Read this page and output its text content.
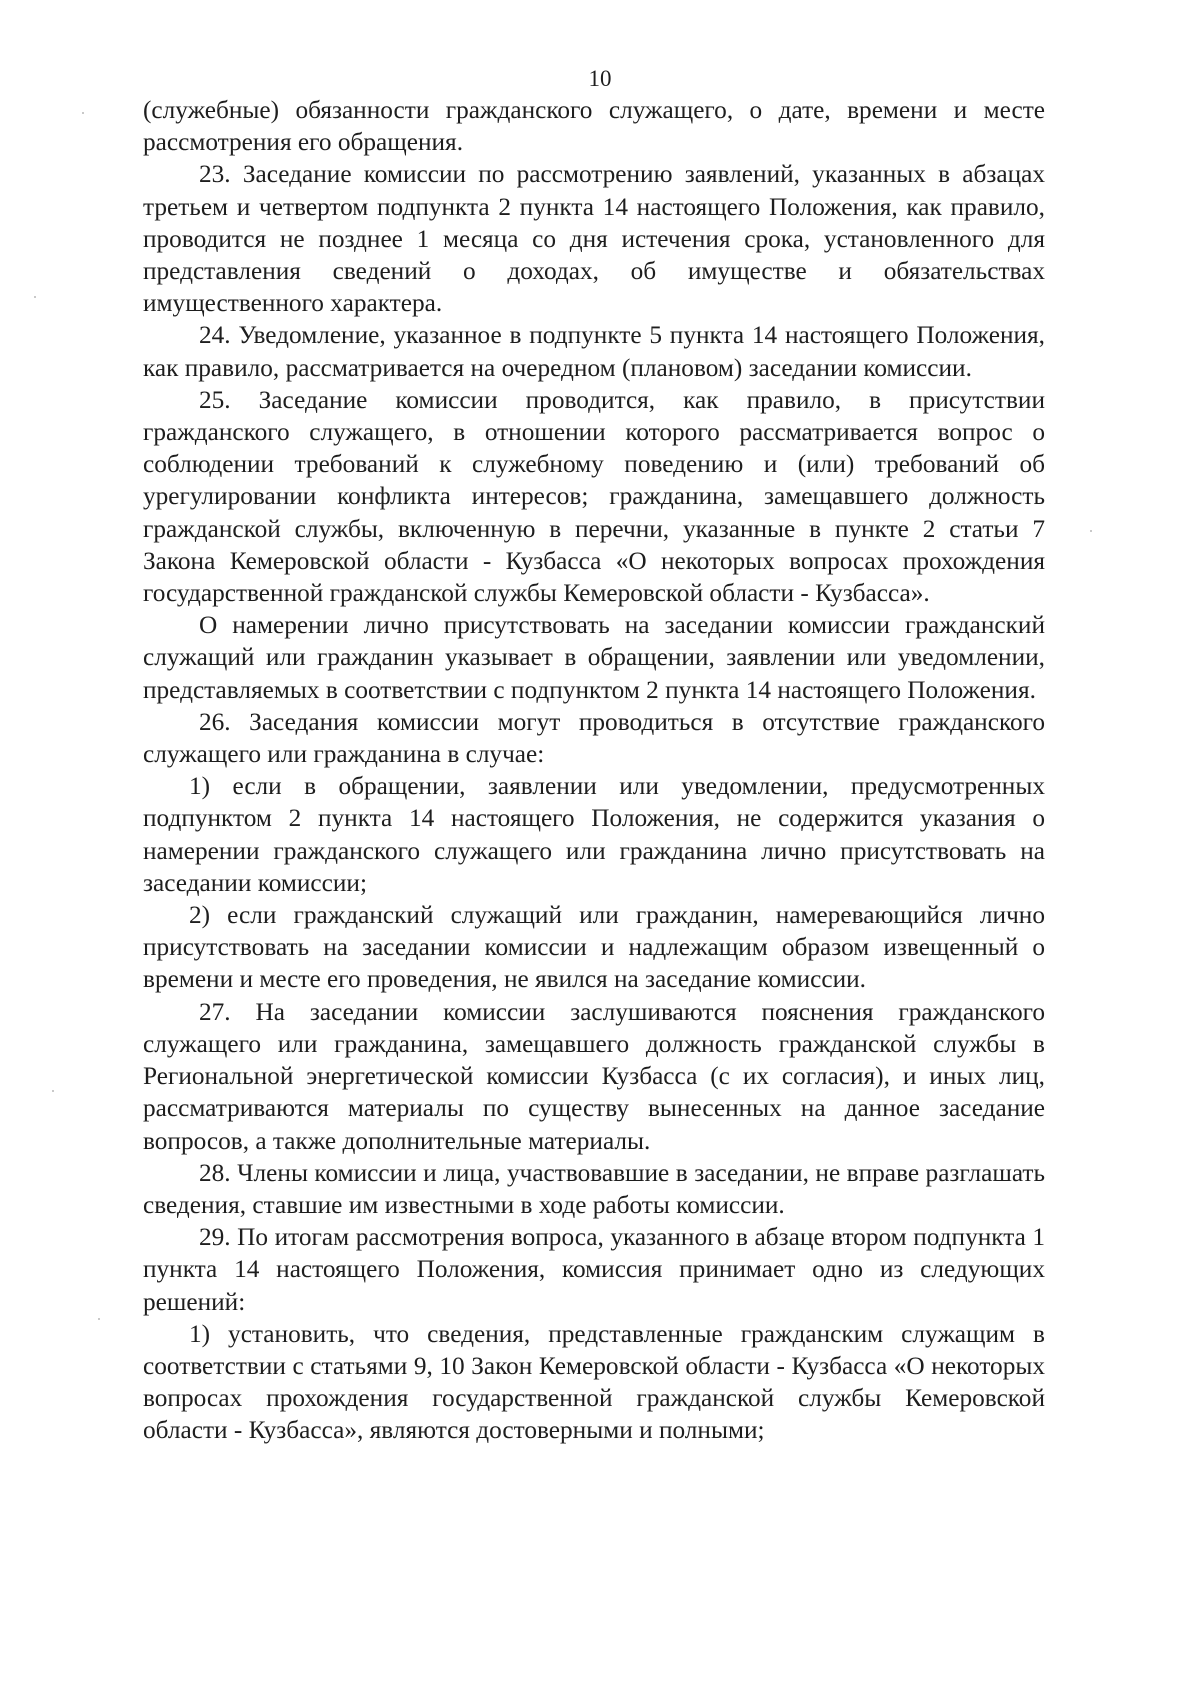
10

(служебные) обязанности гражданского служащего, о дате, времени и месте рассмотрения его обращения.

23. Заседание комиссии по рассмотрению заявлений, указанных в абзацах третьем и четвертом подпункта 2 пункта 14 настоящего Положения, как правило, проводится не позднее 1 месяца со дня истечения срока, установленного для представления сведений о доходах, об имуществе и обязательствах имущественного характера.

24. Уведомление, указанное в подпункте 5 пункта 14 настоящего Положения, как правило, рассматривается на очередном (плановом) заседании комиссии.

25. Заседание комиссии проводится, как правило, в присутствии гражданского служащего, в отношении которого рассматривается вопрос о соблюдении требований к служебному поведению и (или) требований об урегулировании конфликта интересов; гражданина, замещавшего должность гражданской службы, включенную в перечни, указанные в пункте 2 статьи 7 Закона Кемеровской области - Кузбасса «О некоторых вопросах прохождения государственной гражданской службы Кемеровской области - Кузбасса».

О намерении лично присутствовать на заседании комиссии гражданский служащий или гражданин указывает в обращении, заявлении или уведомлении, представляемых в соответствии с подпунктом 2 пункта 14 настоящего Положения.

26. Заседания комиссии могут проводиться в отсутствие гражданского служащего или гражданина в случае:

1) если в обращении, заявлении или уведомлении, предусмотренных подпунктом 2 пункта 14 настоящего Положения, не содержится указания о намерении гражданского служащего или гражданина лично присутствовать на заседании комиссии;

2) если гражданский служащий или гражданин, намеревающийся лично присутствовать на заседании комиссии и надлежащим образом извещенный о времени и месте его проведения, не явился на заседание комиссии.

27. На заседании комиссии заслушиваются пояснения гражданского служащего или гражданина, замещавшего должность гражданской службы в Региональной энергетической комиссии Кузбасса (с их согласия), и иных лиц, рассматриваются материалы по существу вынесенных на данное заседание вопросов, а также дополнительные материалы.

28. Члены комиссии и лица, участвовавшие в заседании, не вправе разглашать сведения, ставшие им известными в ходе работы комиссии.

29. По итогам рассмотрения вопроса, указанного в абзаце втором подпункта 1 пункта 14 настоящего Положения, комиссия принимает одно из следующих решений:

1) установить, что сведения, представленные гражданским служащим в соответствии с статьями 9, 10 Закон Кемеровской области - Кузбасса «О некоторых вопросах прохождения государственной гражданской службы Кемеровской области - Кузбасса», являются достоверными и полными;
